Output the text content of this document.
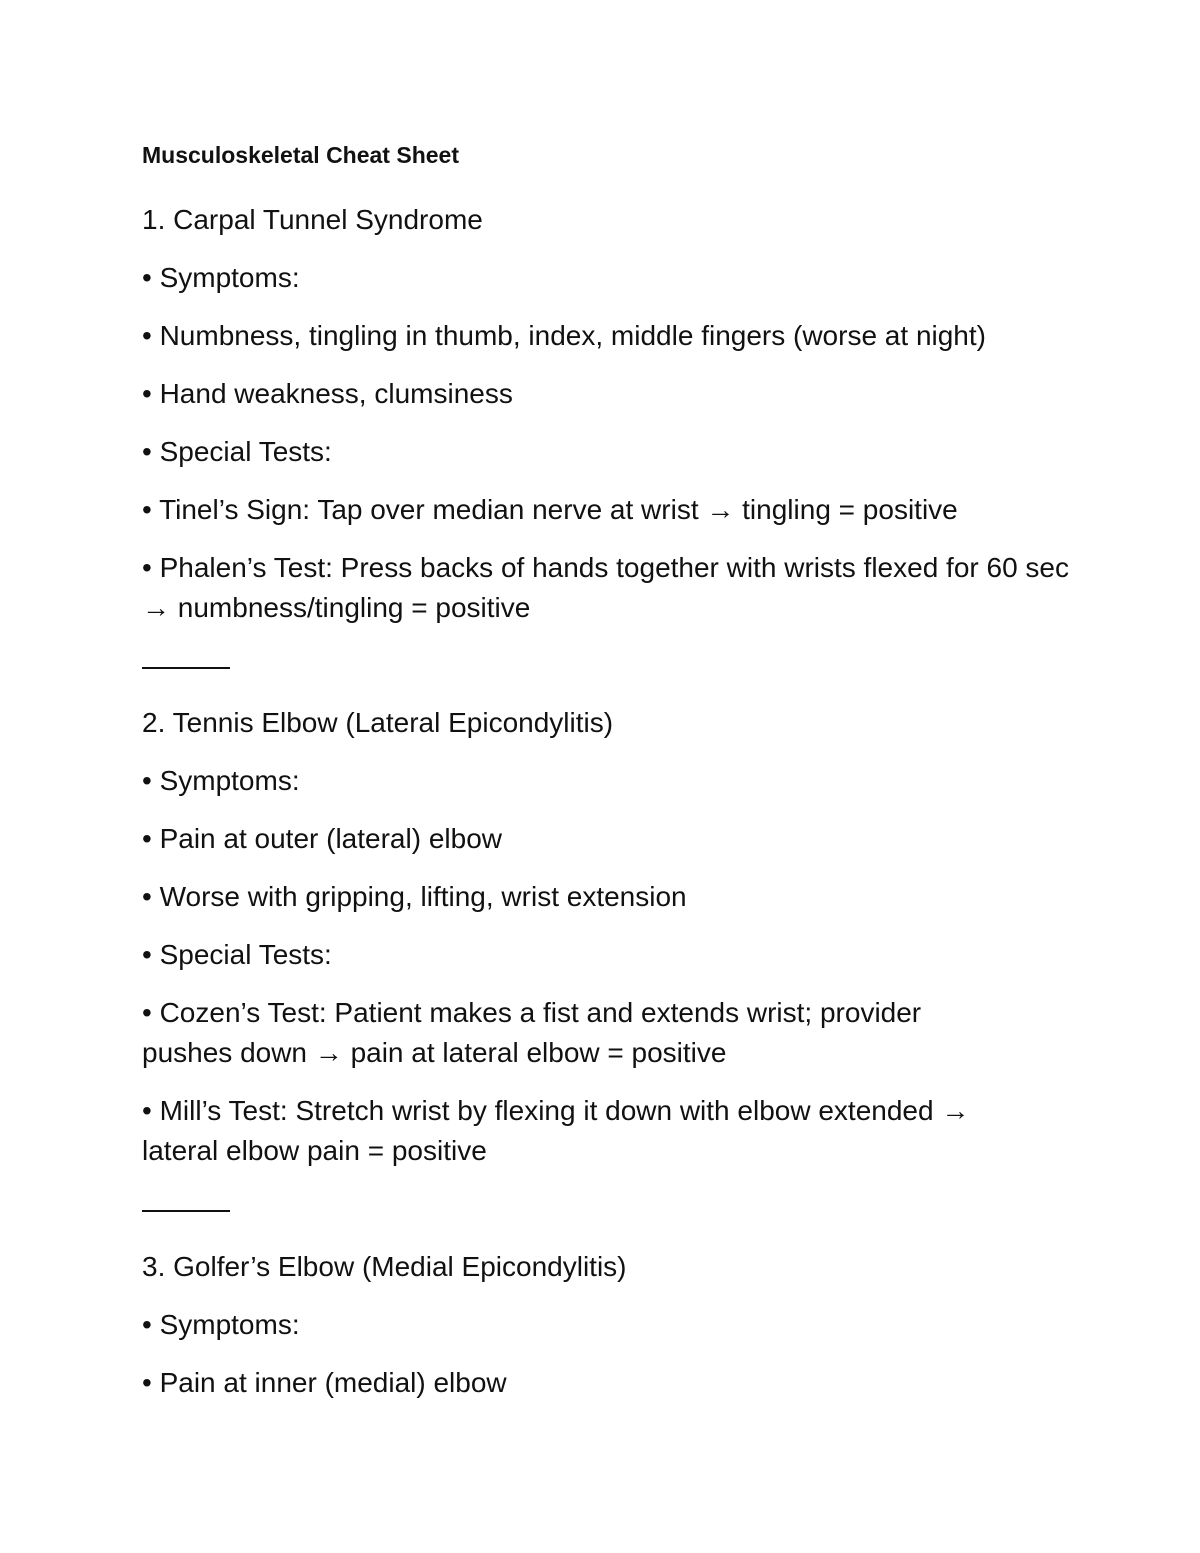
Musculoskeletal Cheat Sheet
1. Carpal Tunnel Syndrome
• Symptoms:
• Numbness, tingling in thumb, index, middle fingers (worse at night)
• Hand weakness, clumsiness
• Special Tests:
• Tinel’s Sign: Tap over median nerve at wrist → tingling = positive
• Phalen’s Test: Press backs of hands together with wrists flexed for 60 sec → numbness/tingling = positive
2. Tennis Elbow (Lateral Epicondylitis)
• Symptoms:
• Pain at outer (lateral) elbow
• Worse with gripping, lifting, wrist extension
• Special Tests:
• Cozen’s Test: Patient makes a fist and extends wrist; provider pushes down → pain at lateral elbow = positive
• Mill’s Test: Stretch wrist by flexing it down with elbow extended → lateral elbow pain = positive
3. Golfer’s Elbow (Medial Epicondylitis)
• Symptoms:
• Pain at inner (medial) elbow
